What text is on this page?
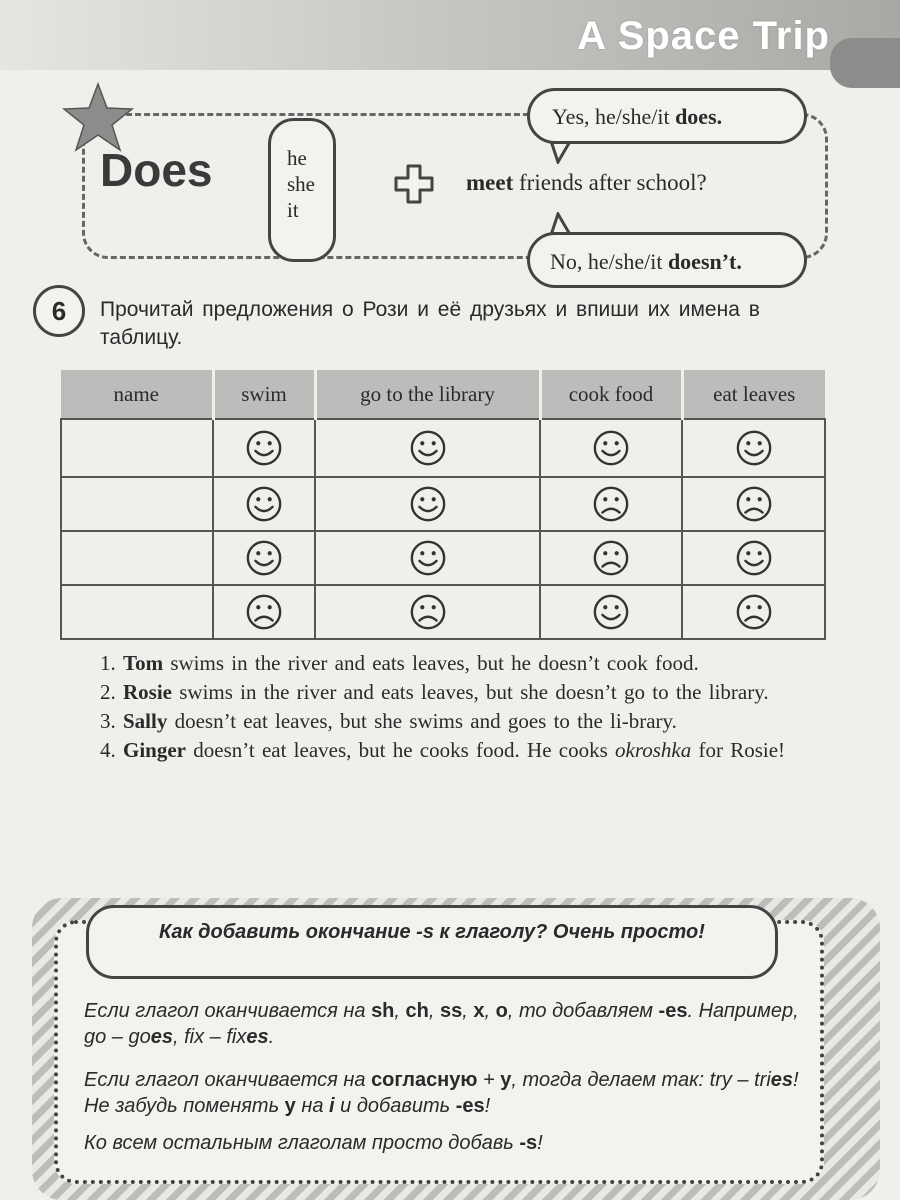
A Space Trip
Does	he
she
it
meet friends after school?
Yes, he/she/it does.
No, he/she/it doesn’t.
6	Прочитай предложения о Рози и её друзьях и впиши их имена в таблицу.
name	swim	go to the library	cook food	eat leaves

1. Tom swims in the river and eats leaves, but he doesn’t cook food.
2. Rosie swims in the river and eats leaves, but she doesn’t go to the library.
3. Sally doesn’t eat leaves, but she swims and goes to the li-brary.
4. Ginger doesn’t eat leaves, but he cooks food. He cooks okroshka for Rosie!
Как добавить окончание -s к глаголу? Очень просто!
Если глагол оканчивается на sh, ch, ss, x, o, то добавляем -es. Например, go – goes, fix – fixes.
Если глагол оканчивается на согласную + у, тогда делаем так: try – tries! Не забудь поменять у на i и добавить -es!
Ко всем остальным глаголам просто добавь -s!
